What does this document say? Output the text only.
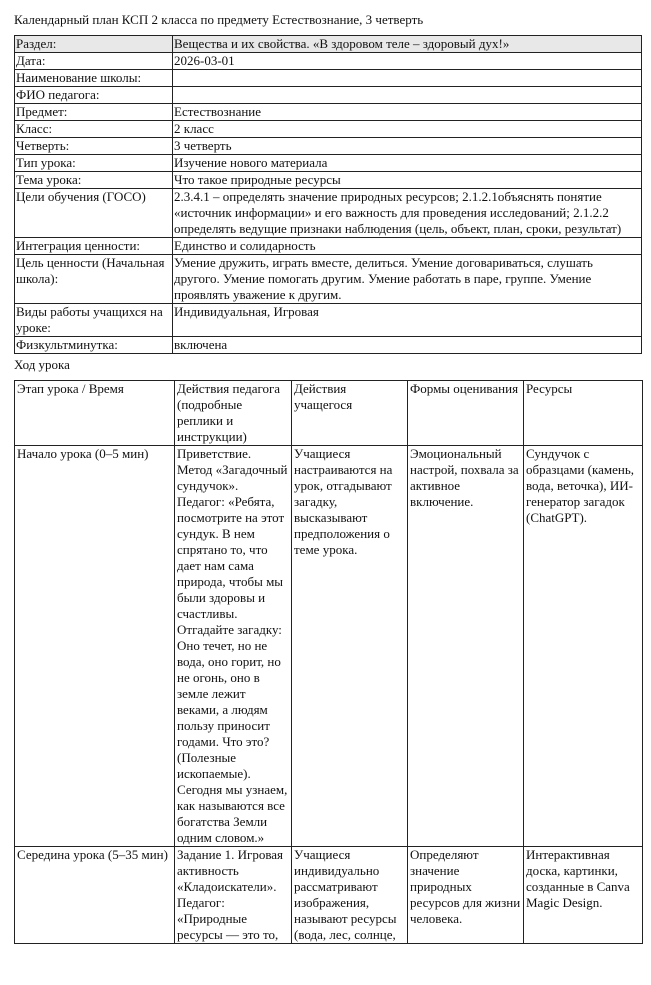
Календарный план КСП 2 класса по предмету Естествознание, 3 четверть
Раздел:	Вещества и их свойства. «В здоровом теле – здоровый дух!»
Дата:	2026-03-01
Наименование школы:	
ФИО педагога:	
Предмет:	Естествознание
Класс:	2 класс
Четверть:	3 четверть
Тип урока:	Изучение нового материала
Тема урока:	Что такое природные ресурсы
Цели обучения (ГОСО)	2.3.4.1 – определять значение природных ресурсов; 2.1.2.1объяснять понятие «источник информации» и его важность для проведения исследований; 2.1.2.2 определять ведущие признаки наблюдения (цель, объект, план, сроки, результат)
Интеграция ценности:	Единство и солидарность
Цель ценности (Начальная школа):	Умение дружить, играть вместе, делиться. Умение договариваться, слушать другого. Умение помогать другим. Умение работать в паре, группе. Умение проявлять уважение к другим.
Виды работы учащихся на уроке:	Индивидуальная, Игровая
Физкультминутка:	включена
Ход урока
Этап урока / Время	Действия педагога (подробные реплики и инструкции)	Действия учащегося	Формы оценивания	Ресурсы
Начало урока (0–5 мин)	Приветствие. Метод «Загадочный сундучок». Педагог: «Ребята, посмотрите на этот сундук. В нем спрятано то, что дает нам сама природа, чтобы мы были здоровы и счастливы. Отгадайте загадку: Оно течет, но не вода, оно горит, но не огонь, оно в земле лежит веками, а людям пользу приносит годами. Что это? (Полезные ископаемые). Сегодня мы узнаем, как называются все богатства Земли одним словом.»	Учащиеся настраиваются на урок, отгадывают загадку, высказывают предположения о теме урока.	Эмоциональный настрой, похвала за активное включение.	Сундучок с образцами (камень, вода, веточка), ИИ-генератор загадок (ChatGPT).
Середина урока (5–35 мин)	Задание 1. Игровая активность «Кладоискатели». Педагог: «Природные ресурсы — это то,	Учащиеся индивидуально рассматривают изображения, называют ресурсы (вода, лес, солнце,	Определяют значение природных ресурсов для жизни человека.	Интерактивная доска, картинки, созданные в Canva Magic Design.
